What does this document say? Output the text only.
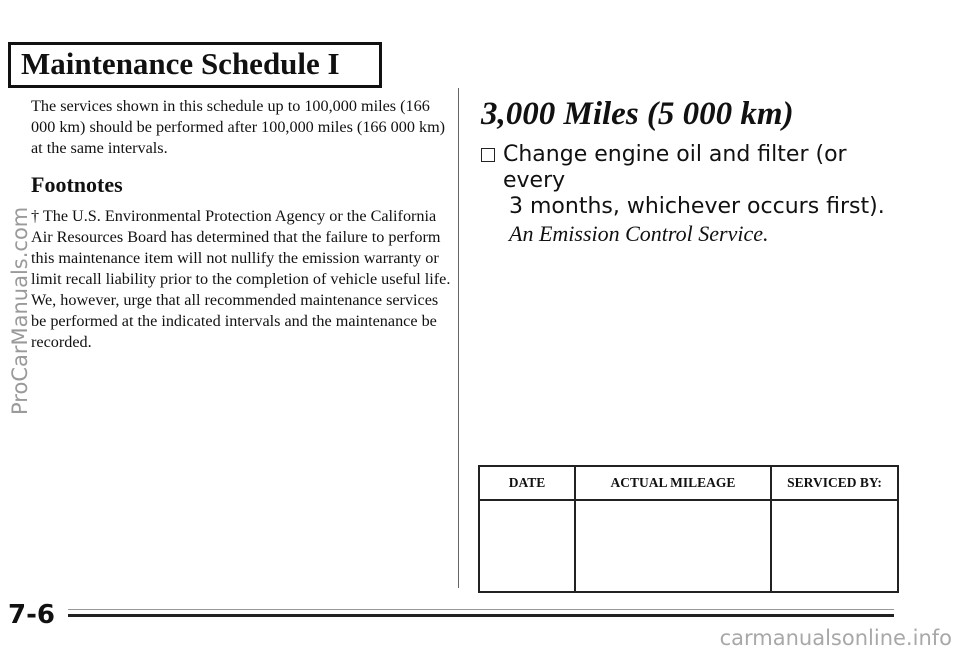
Maintenance Schedule I

The services shown in this schedule up to 100,000 miles (166 000 km) should be performed after 100,000 miles (166 000 km) at the same intervals.

Footnotes

† The U.S. Environmental Protection Agency or the California Air Resources Board has determined that the failure to perform this maintenance item will not nullify the emission warranty or limit recall liability prior to the completion of vehicle useful life. We, however, urge that all recommended maintenance services be performed at the indicated intervals and the maintenance be recorded.

3,000 Miles (5 000 km)
Change engine oil and filter (or every
3 months, whichever occurs first).
An Emission Control Service.
DATE	ACTUAL MILEAGE	SERVICED BY:

7-6
ProCarManuals.com
carmanualsonline.info
